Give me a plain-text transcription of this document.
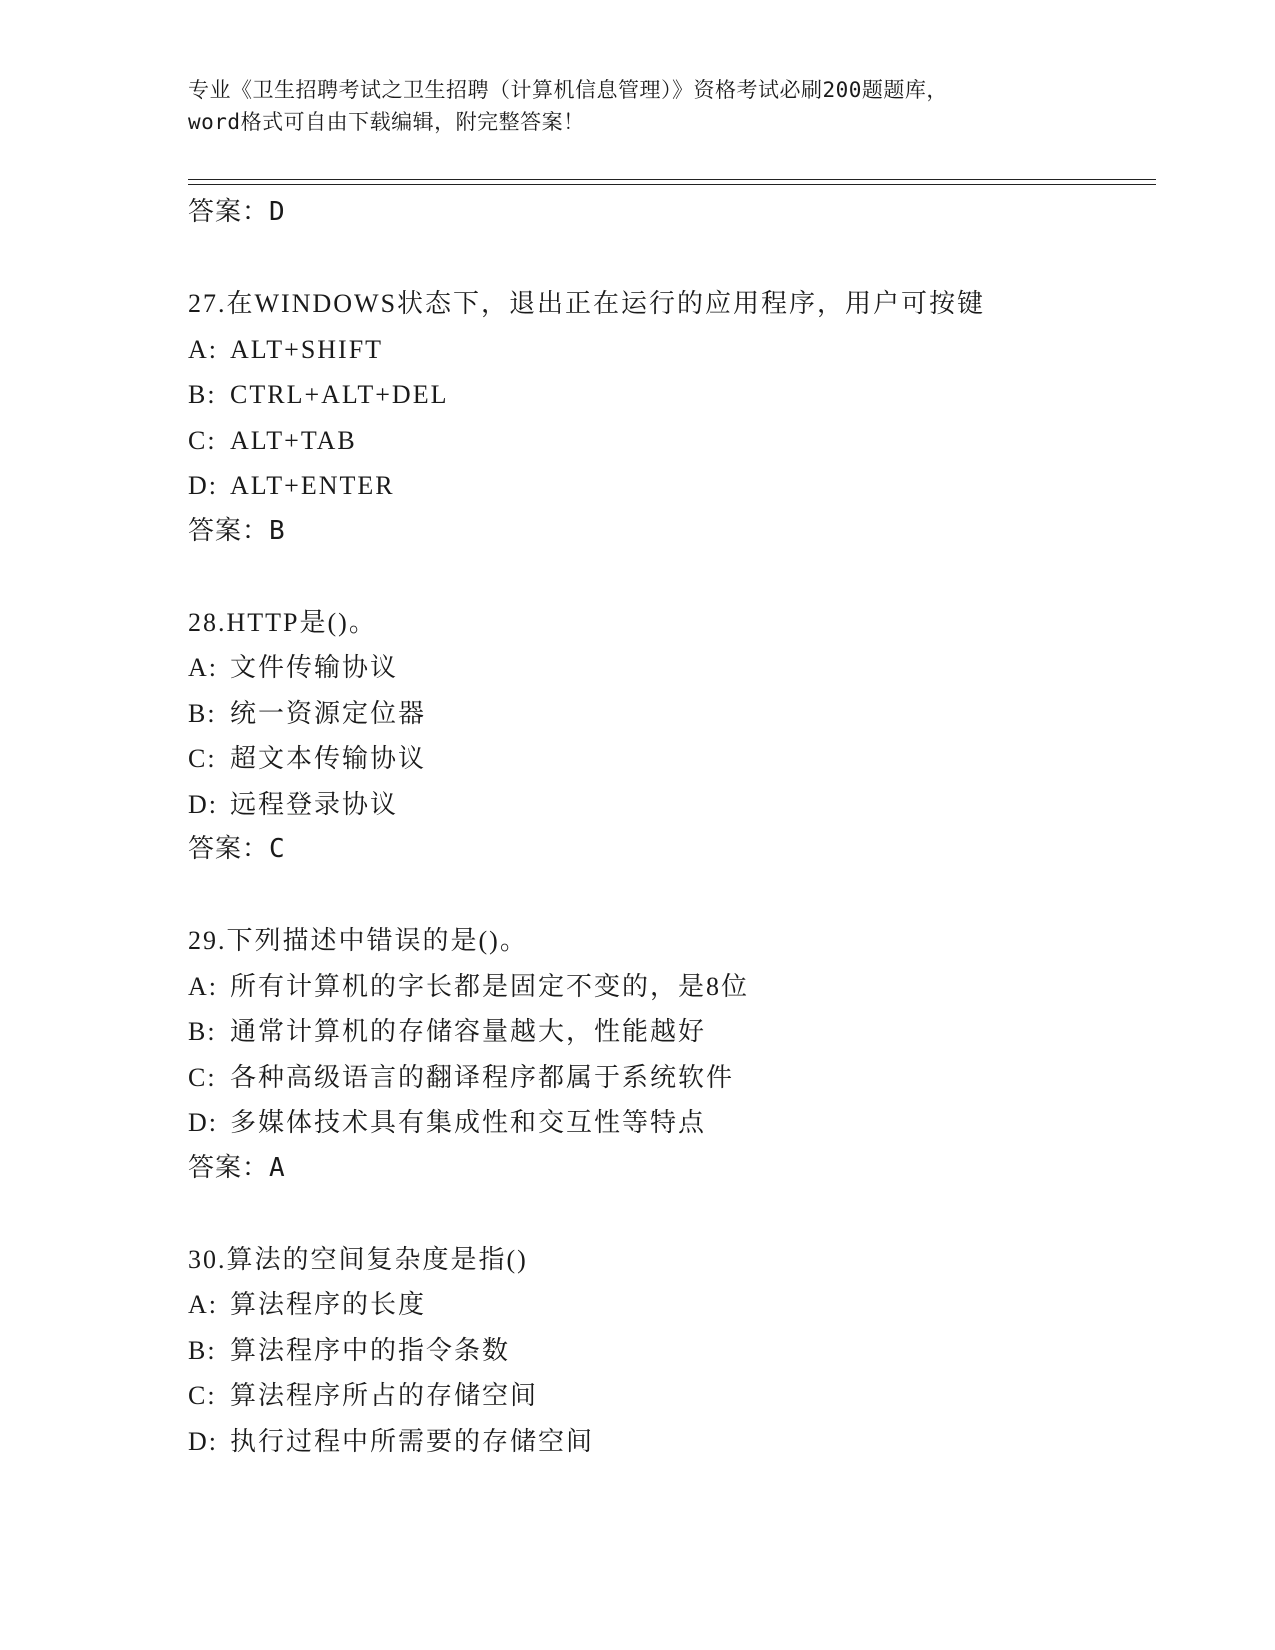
专业《卫生招聘考试之卫生招聘（计算机信息管理）》资格考试必刷200题题库，
word格式可自由下载编辑，附完整答案！
答案：D
27.在WINDOWS状态下，退出正在运行的应用程序，用户可按键
A: ALT+SHIFT
B: CTRL+ALT+DEL
C: ALT+TAB
D: ALT+ENTER
答案：B
28.HTTP是()。
A: 文件传输协议
B: 统一资源定位器
C: 超文本传输协议
D: 远程登录协议
答案：C
29.下列描述中错误的是()。
A: 所有计算机的字长都是固定不变的，是8位
B: 通常计算机的存储容量越大，性能越好
C: 各种高级语言的翻译程序都属于系统软件
D: 多媒体技术具有集成性和交互性等特点
答案：A
30.算法的空间复杂度是指()
A: 算法程序的长度
B: 算法程序中的指令条数
C: 算法程序所占的存储空间
D: 执行过程中所需要的存储空间
